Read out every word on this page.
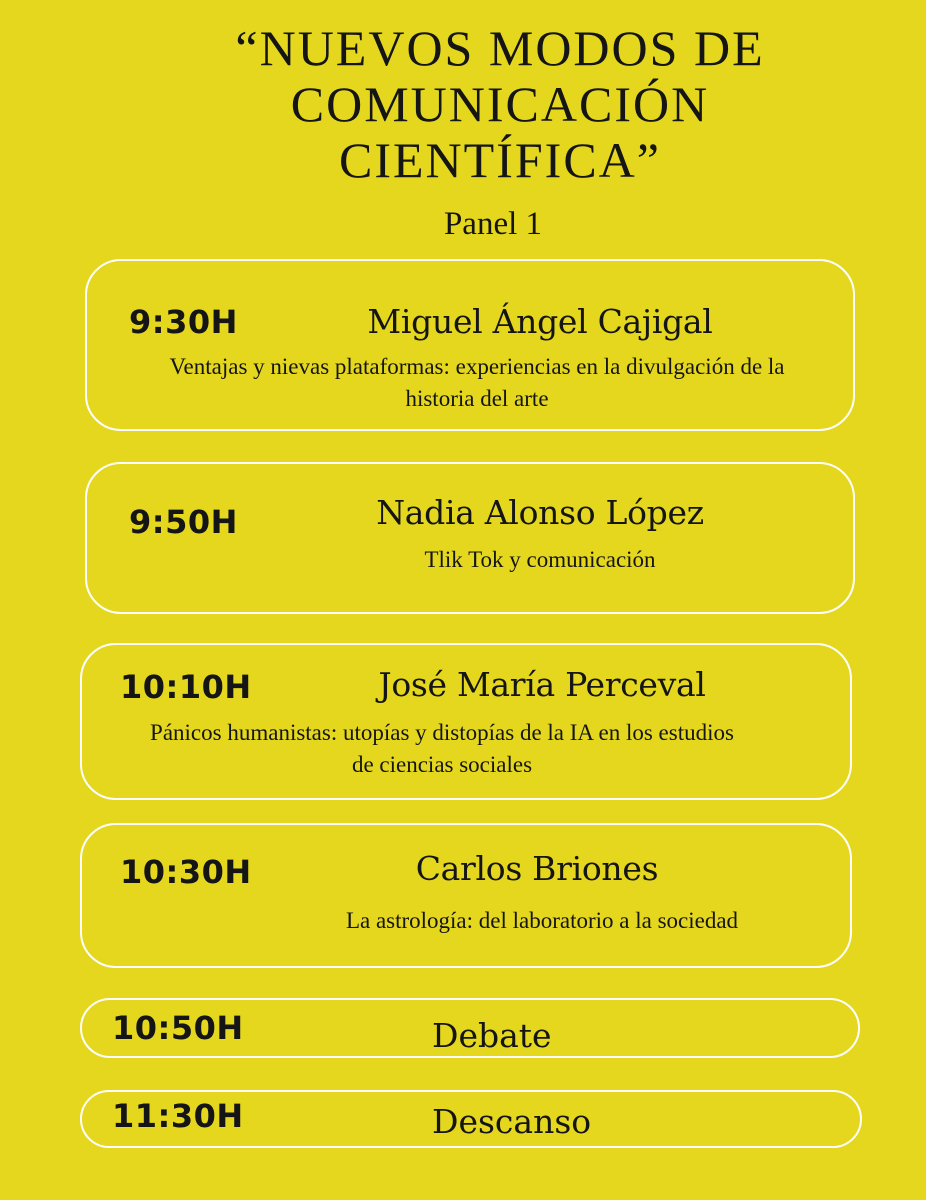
“NUEVOS MODOS DE
COMUNICACIÓN
CIENTÍFICA”
Panel 1
9:30H	Miguel Ángel Cajigal
Ventajas y nievas plataformas: experiencias en la divulgación de la
historia del arte
9:50H	Nadia Alonso López
Tlik Tok y comunicación
10:10H	José María Perceval
Pánicos humanistas: utopías y distopías de la IA en los estudios
de ciencias sociales
10:30H	Carlos Briones
La astrología: del laboratorio a la sociedad
10:50H	Debate
11:30H	Descanso
